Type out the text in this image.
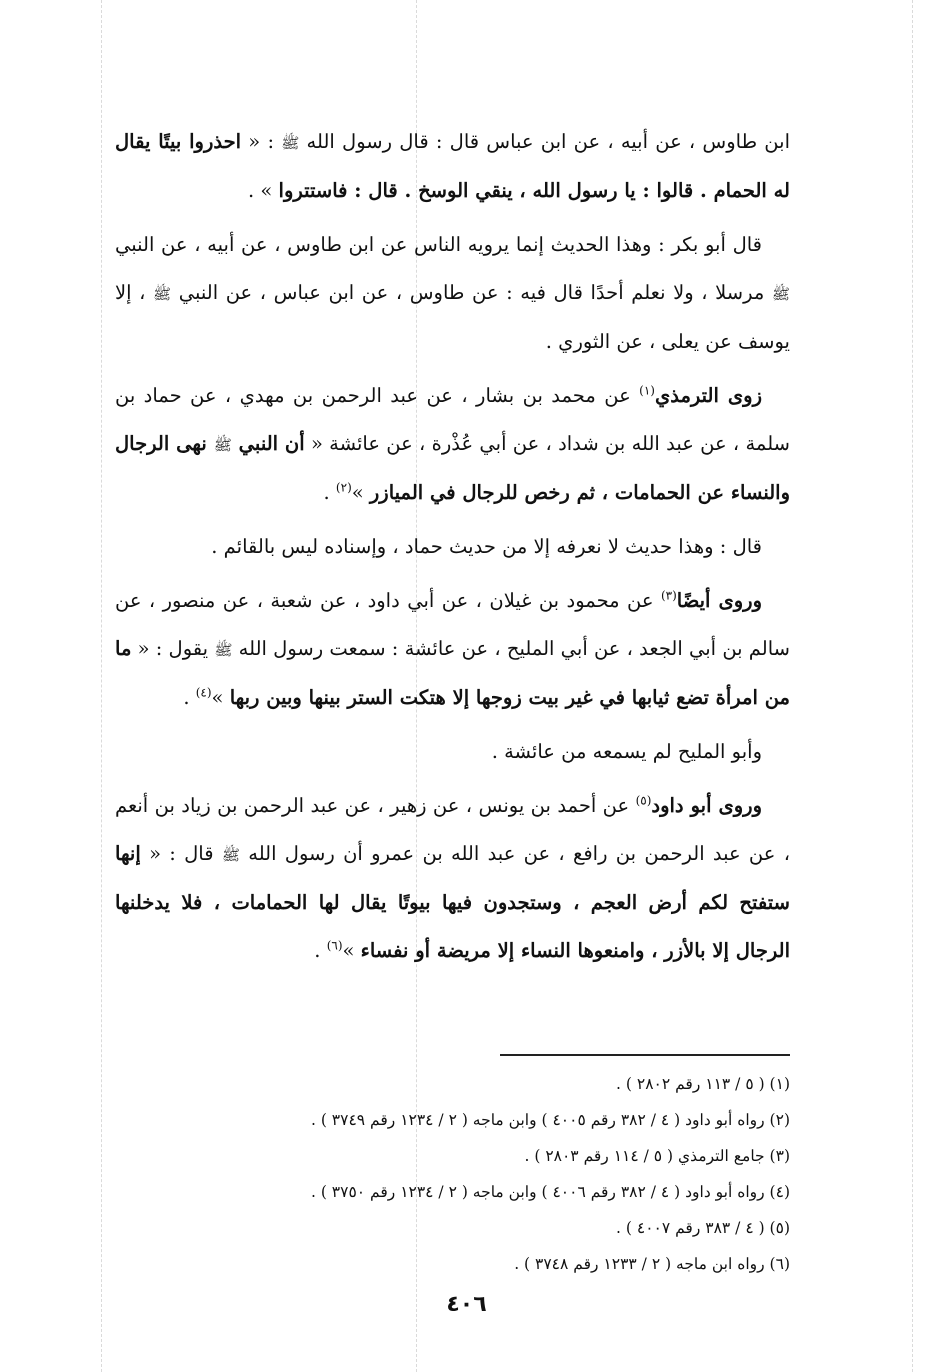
ابن طاوس ، عن أبيه ، عن ابن عباس قال : قال رسول الله ﷺ : « احذروا بيتًا يقال له الحمام . قالوا : يا رسول الله ، ينقي الوسخ . قال : فاستتروا » .

قال أبو بكر : وهذا الحديث إنما يرويه الناس عن ابن طاوس ، عن أبيه ، عن النبي ﷺ مرسلا ، ولا نعلم أحدًا قال فيه : عن طاوس ، عن ابن عباس ، عن النبي ﷺ ، إلا يوسف عن يعلى ، عن الثوري .

زوى الترمذي$^{(١)}$ عن محمد بن بشار ، عن عبد الرحمن بن مهدي ، عن حماد بن سلمة ، عن عبد الله بن شداد ، عن أبي عُذْرة ، عن عائشة « أن النبي ﷺ نهى الرجال والنساء عن الحمامات ، ثم رخص للرجال في الميازر »$^{(٢)}$ .

قال : وهذا حديث لا نعرفه إلا من حديث حماد ، وإسناده ليس بالقائم .

وروى أيضًا$^{(٣)}$ عن محمود بن غيلان ، عن أبي داود ، عن شعبة ، عن منصور ، عن سالم بن أبي الجعد ، عن أبي المليح ، عن عائشة : سمعت رسول الله ﷺ يقول : « ما من امرأة تضع ثيابها في غير بيت زوجها إلا هتكت الستر بينها وبين ربها »$^{(٤)}$ .

وأبو المليح لم يسمعه من عائشة .

وروى أبو داود$^{(٥)}$ عن أحمد بن يونس ، عن زهير ، عن عبد الرحمن بن زياد بن أنعم ، عن عبد الرحمن بن رافع ، عن عبد الله بن عمرو أن رسول الله ﷺ قال : « إنها ستفتح لكم أرض العجم ، وستجدون فيها بيوتًا يقال لها الحمامات ، فلا يدخلنها الرجال إلا بالأزر ، وامنعوها النساء إلا مريضة أو نفساء »$^{(٦)}$ .

(١) ( ٥ / ١١٣ رقم ٢٨٠٢ ) .
(٢) رواه أبو داود ( ٤ / ٣٨٢ رقم ٤٠٠٥ ) وابن ماجه ( ٢ / ١٢٣٤ رقم ٣٧٤٩ ) .
(٣) جامع الترمذي ( ٥ / ١١٤ رقم ٢٨٠٣ ) .
(٤) رواه أبو داود ( ٤ / ٣٨٢ رقم ٤٠٠٦ ) وابن ماجه ( ٢ / ١٢٣٤ رقم ٣٧٥٠ ) .
(٥) ( ٤ / ٣٨٣ رقم ٤٠٠٧ ) .
(٦) رواه ابن ماجه ( ٢ / ١٢٣٣ رقم ٣٧٤٨ ) .
٤٠٦
